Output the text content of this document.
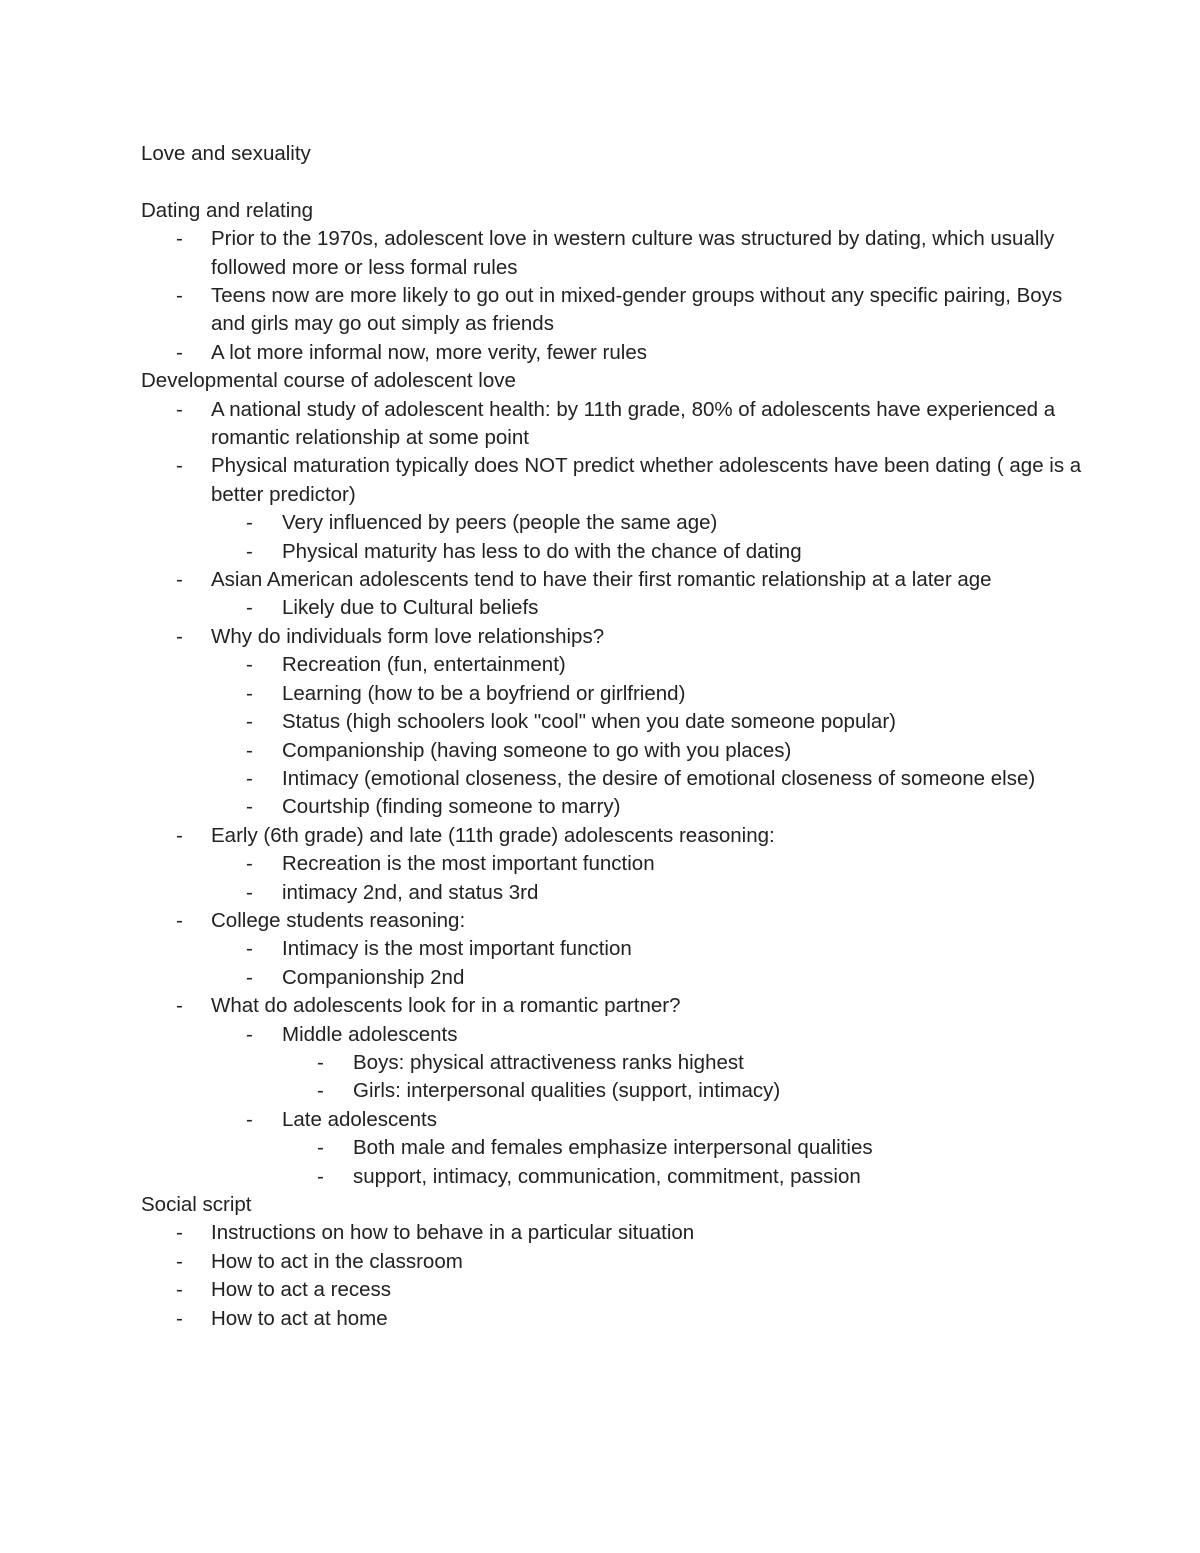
Love and sexuality
Dating and relating
- Prior to the 1970s, adolescent love in western culture was structured by dating, which usually followed more or less formal rules
- Teens now are more likely to go out in mixed-gender groups without any specific pairing, Boys and girls may go out simply as friends
- A lot more informal now, more verity, fewer rules
Developmental course of adolescent love
- A national study of adolescent health: by 11th grade, 80% of adolescents have experienced a romantic relationship at some point
- Physical maturation typically does NOT predict whether adolescents have been dating ( age is a better predictor)
- Very influenced by peers (people the same age)
- Physical maturity has less to do with the chance of dating
- Asian American adolescents tend to have their first romantic relationship at a later age
- Likely due to Cultural beliefs
- Why do individuals form love relationships?
- Recreation (fun, entertainment)
- Learning (how to be a boyfriend or girlfriend)
- Status (high schoolers look "cool" when you date someone popular)
- Companionship (having someone to go with you places)
- Intimacy (emotional closeness, the desire of emotional closeness of someone else)
- Courtship (finding someone to marry)
- Early (6th grade) and late (11th grade) adolescents reasoning:
- Recreation is the most important function
- intimacy 2nd, and status 3rd
- College students reasoning:
- Intimacy is the most important function
- Companionship 2nd
- What do adolescents look for in a romantic partner?
- Middle adolescents
- Boys: physical attractiveness ranks highest
- Girls: interpersonal qualities (support, intimacy)
- Late adolescents
- Both male and females emphasize interpersonal qualities
- support, intimacy, communication, commitment, passion
Social script
- Instructions on how to behave in a particular situation
- How to act in the classroom
- How to act a recess
- How to act at home
